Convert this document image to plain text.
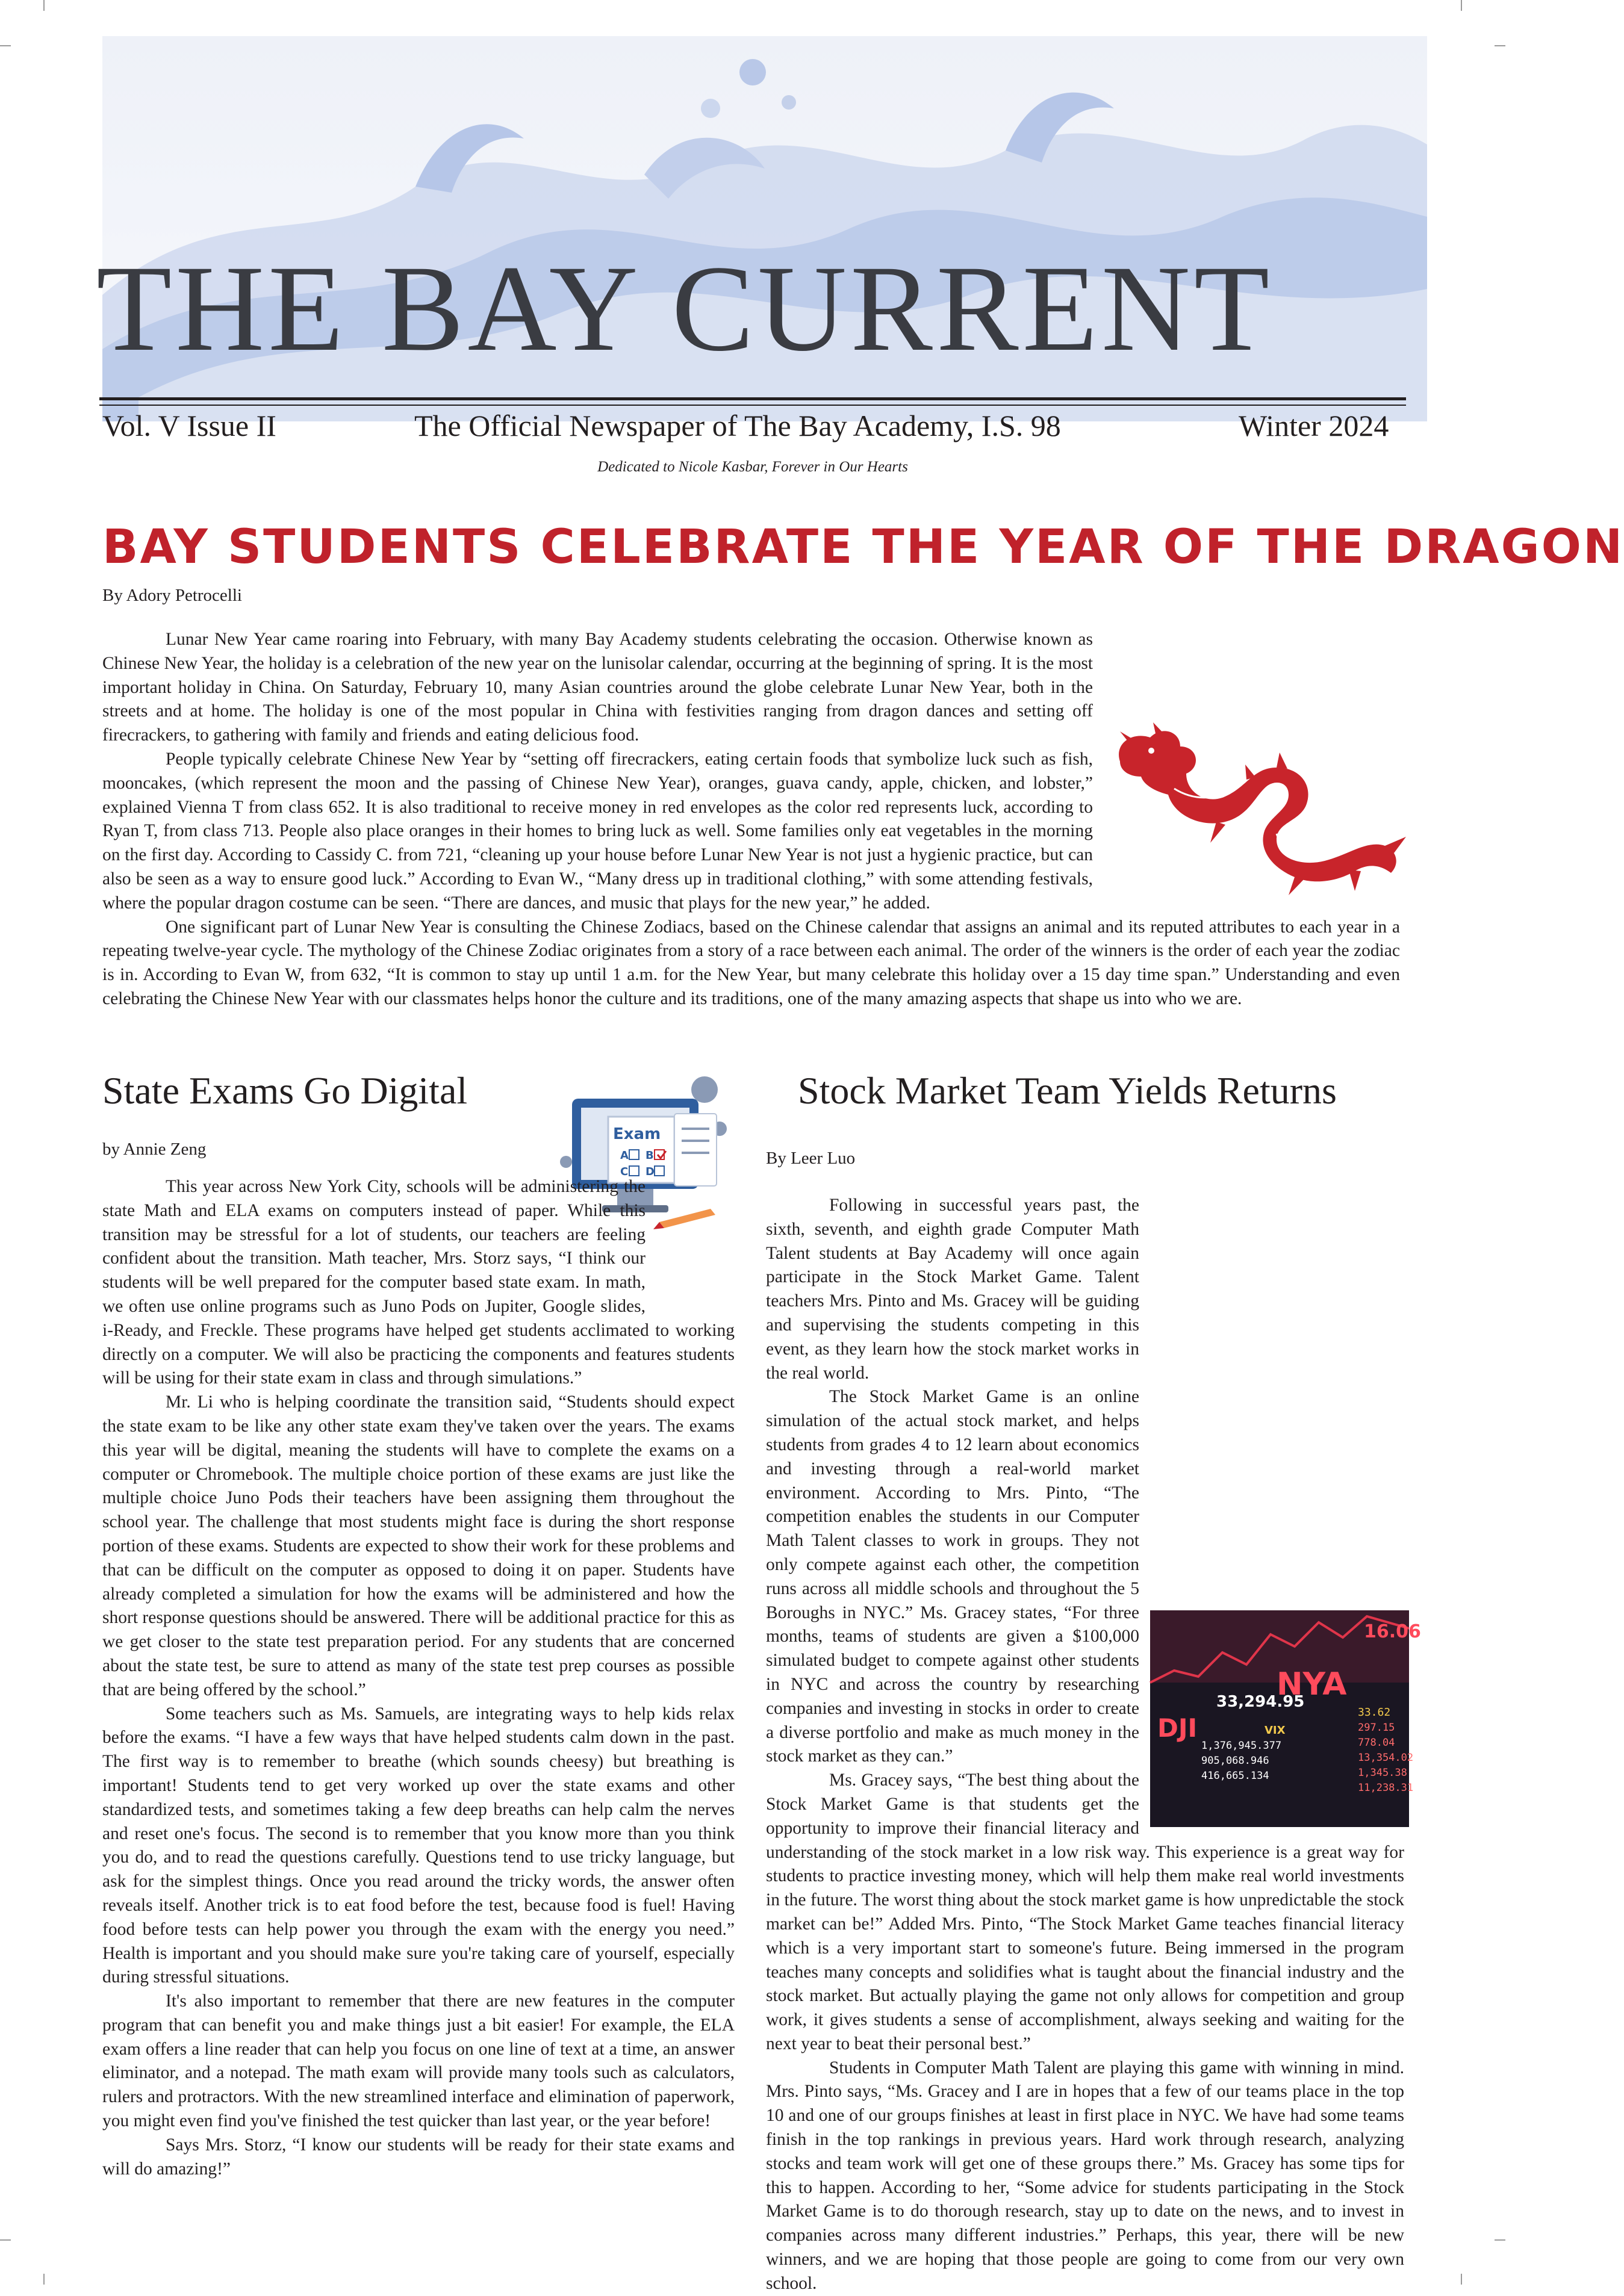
THE BAY CURRENT
Vol. V Issue II	The Official Newspaper of The Bay Academy, I.S. 98	Winter 2024
Dedicated to Nicole Kasbar, Forever in Our Hearts
BAY STUDENTS CELEBRATE THE YEAR OF THE DRAGON
By Adory Petrocelli

Lunar New Year came roaring into February, with many Bay Academy students celebrating the occasion. Otherwise known as Chinese New Year, the holiday is a celebration of the new year on the lunisolar calendar, occurring at the beginning of spring. It is the most important holiday in China. On Saturday, February 10, many Asian countries around the globe celebrate Lunar New Year, both in the streets and at home. The holiday is one of the most popular in China with festivities ranging from dragon dances and setting off firecrackers, to gathering with family and friends and eating delicious food.

People typically celebrate Chinese New Year by “setting off firecrackers, eating certain foods that symbolize luck such as fish, mooncakes, (which represent the moon and the passing of Chinese New Year), oranges, guava candy, apple, chicken, and lobster,” explained Vienna T from class 652. It is also traditional to receive money in red envelopes as the color red represents luck, according to Ryan T, from class 713. People also place oranges in their homes to bring luck as well. Some families only eat vegetables in the morning on the first day. According to Cassidy C. from 721, “cleaning up your house before Lunar New Year is not just a hygienic practice, but can also be seen as a way to ensure good luck.” According to Evan W., “Many dress up in traditional clothing,” with some attending festivals, where the popular dragon costume can be seen. “There are dances, and music that plays for the new year,” he added.

One significant part of Lunar New Year is consulting the Chinese Zodiacs, based on the Chinese calendar that assigns an animal and its reputed attributes to each year in a repeating twelve-year cycle. The mythology of the Chinese Zodiac originates from a story of a race between each animal. The order of the winners is the order of each year the zodiac is in. According to Evan W, from 632, “It is common to stay up until 1 a.m. for the New Year, but many celebrate this holiday over a 15 day time span.” Understanding and even celebrating the Chinese New Year with our classmates helps honor the culture and its traditions, one of the many amazing aspects that shape us into who we are.

State Exams Go Digital
by Annie Zeng
Exam
A B
C D

This year across New York City, schools will be administering the state Math and ELA exams on computers instead of paper. While this transition may be stressful for a lot of students, our teachers are feeling confident about the transition. Math teacher, Mrs. Storz says, “I think our students will be well prepared for the computer based state exam. In math, we often use online programs such as Juno Pods on Jupiter, Google slides, i-Ready, and Freckle. These programs have helped get students acclimated to working directly on a computer. We will also be practicing the components and features students will be using for their state exam in class and through simulations.”

Mr. Li who is helping coordinate the transition said, “Students should expect the state exam to be like any other state exam they've taken over the years. The exams this year will be digital, meaning the students will have to complete the exams on a computer or Chromebook. The multiple choice portion of these exams are just like the multiple choice Juno Pods their teachers have been assigning them throughout the school year. The challenge that most students might face is during the short response portion of these exams. Students are expected to show their work for these problems and that can be difficult on the computer as opposed to doing it on paper. Students have already completed a simulation for how the exams will be administered and how the short response questions should be answered. There will be additional practice for this as we get closer to the state test preparation period. For any students that are concerned about the state test, be sure to attend as many of the state test prep courses as possible that are being offered by the school.”

Some teachers such as Ms. Samuels, are integrating ways to help kids relax before the exams. “I have a few ways that have helped students calm down in the past. The first way is to remember to breathe (which sounds cheesy) but breathing is important! Students tend to get very worked up over the state exams and other standardized tests, and sometimes taking a few deep breaths can help calm the nerves and reset one's focus. The second is to remember that you know more than you think you do, and to read the questions carefully. Questions tend to use tricky language, but ask for the simplest things. Once you read around the tricky words, the answer often reveals itself. Another trick is to eat food before the test, because food is fuel! Having food before tests can help power you through the exam with the energy you need.” Health is important and you should make sure you're taking care of yourself, especially during stressful situations.

It's also important to remember that there are new features in the computer program that can benefit you and make things just a bit easier! For example, the ELA exam offers a line reader that can help you focus on one line of text at a time, an answer eliminator, and a notepad. The math exam will provide many tools such as calculators, rulers and protractors. With the new streamlined interface and elimination of paperwork, you might even find you've finished the test quicker than last year, or the year before!

Says Mrs. Storz, “I know our students will be ready for their state exams and will do amazing!”

Stock Market Team Yields Returns
By Leer Luo
DJI
NYA
33,294.95
VIX
1,376,945.377
905,068.946
416,665.134
33.62
297.15
778.04
13,354.02
1,345.38
11,238.31
16.06

Following in successful years past, the sixth, seventh, and eighth grade Computer Math Talent students at Bay Academy will once again participate in the Stock Market Game. Talent teachers Mrs. Pinto and Ms. Gracey will be guiding and supervising the students competing in this event, as they learn how the stock market works in the real world.

The Stock Market Game is an online simulation of the actual stock market, and helps students from grades 4 to 12 learn about economics and investing through a real-world market environment. According to Mrs. Pinto, “The competition enables the students in our Computer Math Talent classes to work in groups. They not only compete against each other, the competition runs across all middle schools and throughout the 5 Boroughs in NYC.” Ms. Gracey states, “For three months, teams of students are given a $100,000 simulated budget to compete against other students in NYC and across the country by researching companies and investing in stocks in order to create a diverse portfolio and make as much money in the stock market as they can.”

Ms. Gracey says, “The best thing about the Stock Market Game is that students get the opportunity to improve their financial literacy and understanding of the stock market in a low risk way. This experience is a great way for students to practice investing money, which will help them make real world investments in the future. The worst thing about the stock market game is how unpredictable the stock market can be!” Added Mrs. Pinto, “The Stock Market Game teaches financial literacy which is a very important start to someone's future. Being immersed in the program teaches many concepts and solidifies what is taught about the financial industry and the stock market. But actually playing the game not only allows for competition and group work, it gives students a sense of accomplishment, always seeking and waiting for the next year to beat their personal best.”

Students in Computer Math Talent are playing this game with winning in mind. Mrs. Pinto says, “Ms. Gracey and I are in hopes that a few of our teams place in the top 10 and one of our groups finishes at least in first place in NYC. We have had some teams finish in the top rankings in previous years. Hard work through research, analyzing stocks and team work will get one of these groups there.” Ms. Gracey has some tips for this to happen. According to her, “Some advice for students participating in the Stock Market Game is to do thorough research, stay up to date on the news, and to invest in companies across many different industries.” Perhaps, this year, there will be new winners, and we are hoping that those people are going to come from our very own school.
